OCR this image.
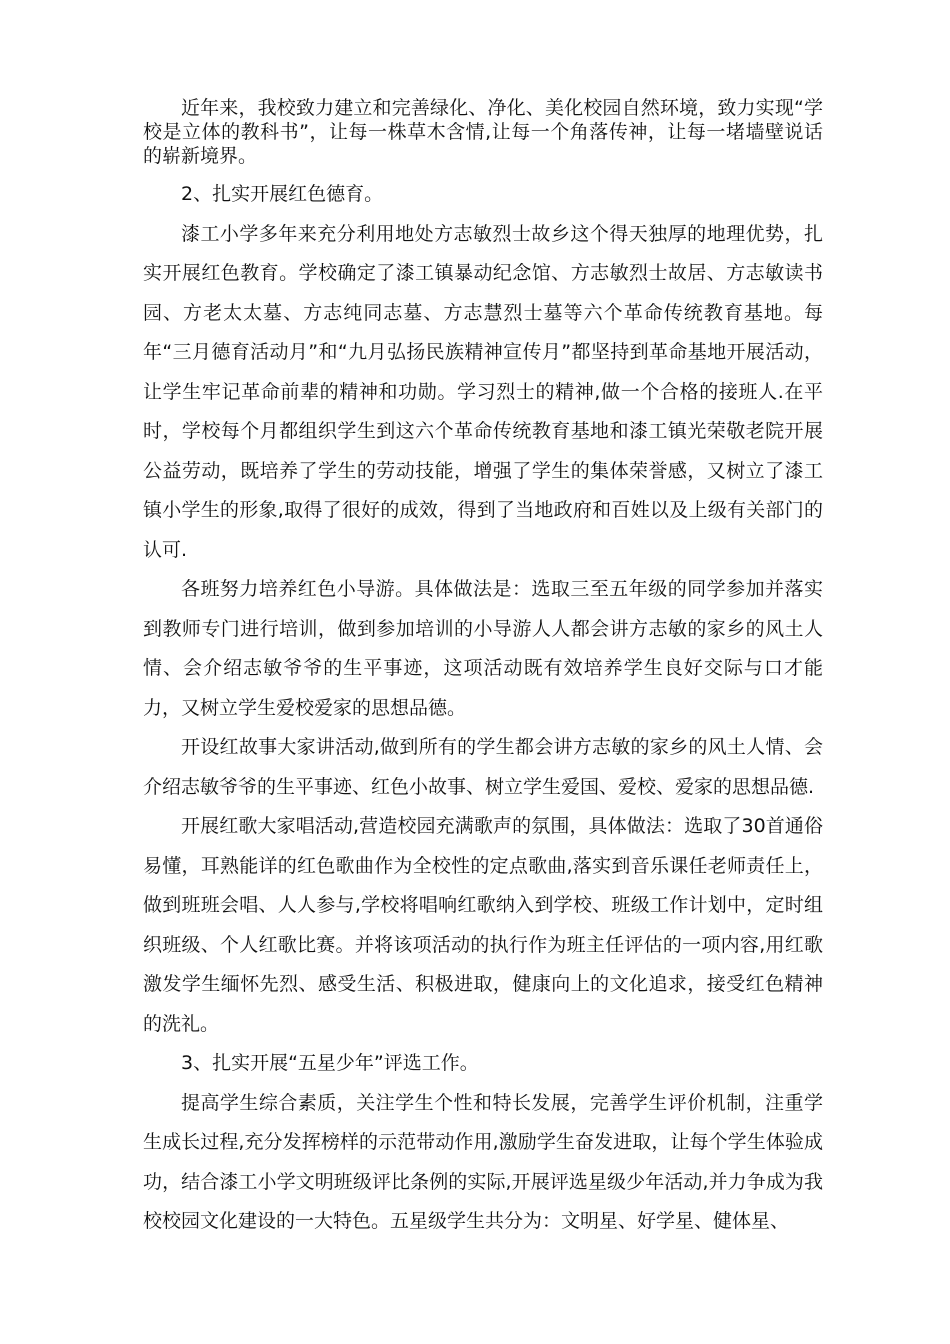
近年来，我校致力建立和完善绿化、净化、美化校园自然环境，致力实现“学校是立体的教科书”，让每一株草木含情,让每一个角落传神，让每一堵墙壁说话的崭新境界。

2、扎实开展红色德育。

漆工小学多年来充分利用地处方志敏烈士故乡这个得天独厚的地理优势，扎实开展红色教育。学校确定了漆工镇暴动纪念馆、方志敏烈士故居、方志敏读书园、方老太太墓、方志纯同志墓、方志慧烈士墓等六个革命传统教育基地。每年“三月德育活动月”和“九月弘扬民族精神宣传月”都坚持到革命基地开展活动，让学生牢记革命前辈的精神和功勋。学习烈士的精神,做一个合格的接班人.在平时，学校每个月都组织学生到这六个革命传统教育基地和漆工镇光荣敬老院开展公益劳动，既培养了学生的劳动技能，增强了学生的集体荣誉感，又树立了漆工镇小学生的形象,取得了很好的成效，得到了当地政府和百姓以及上级有关部门的认可.

各班努力培养红色小导游。具体做法是：选取三至五年级的同学参加并落实到教师专门进行培训，做到参加培训的小导游人人都会讲方志敏的家乡的风土人情、会介绍志敏爷爷的生平事迹，这项活动既有效培养学生良好交际与口才能力，又树立学生爱校爱家的思想品德。

开设红故事大家讲活动,做到所有的学生都会讲方志敏的家乡的风土人情、会介绍志敏爷爷的生平事迹、红色小故事、树立学生爱国、爱校、爱家的思想品德.

开展红歌大家唱活动,营造校园充满歌声的氛围，具体做法：选取了30首通俗易懂，耳熟能详的红色歌曲作为全校性的定点歌曲,落实到音乐课任老师责任上，做到班班会唱、人人参与,学校将唱响红歌纳入到学校、班级工作计划中，定时组织班级、个人红歌比赛。并将该项活动的执行作为班主任评估的一项内容,用红歌激发学生缅怀先烈、感受生活、积极进取，健康向上的文化追求，接受红色精神的洗礼。

3、扎实开展“五星少年”评选工作。

提高学生综合素质，关注学生个性和特长发展，完善学生评价机制，注重学生成长过程,充分发挥榜样的示范带动作用,激励学生奋发进取，让每个学生体验成功，结合漆工小学文明班级评比条例的实际,开展评选星级少年活动,并力争成为我校校园文化建设的一大特色。五星级学生共分为：文明星、好学星、健体星、
